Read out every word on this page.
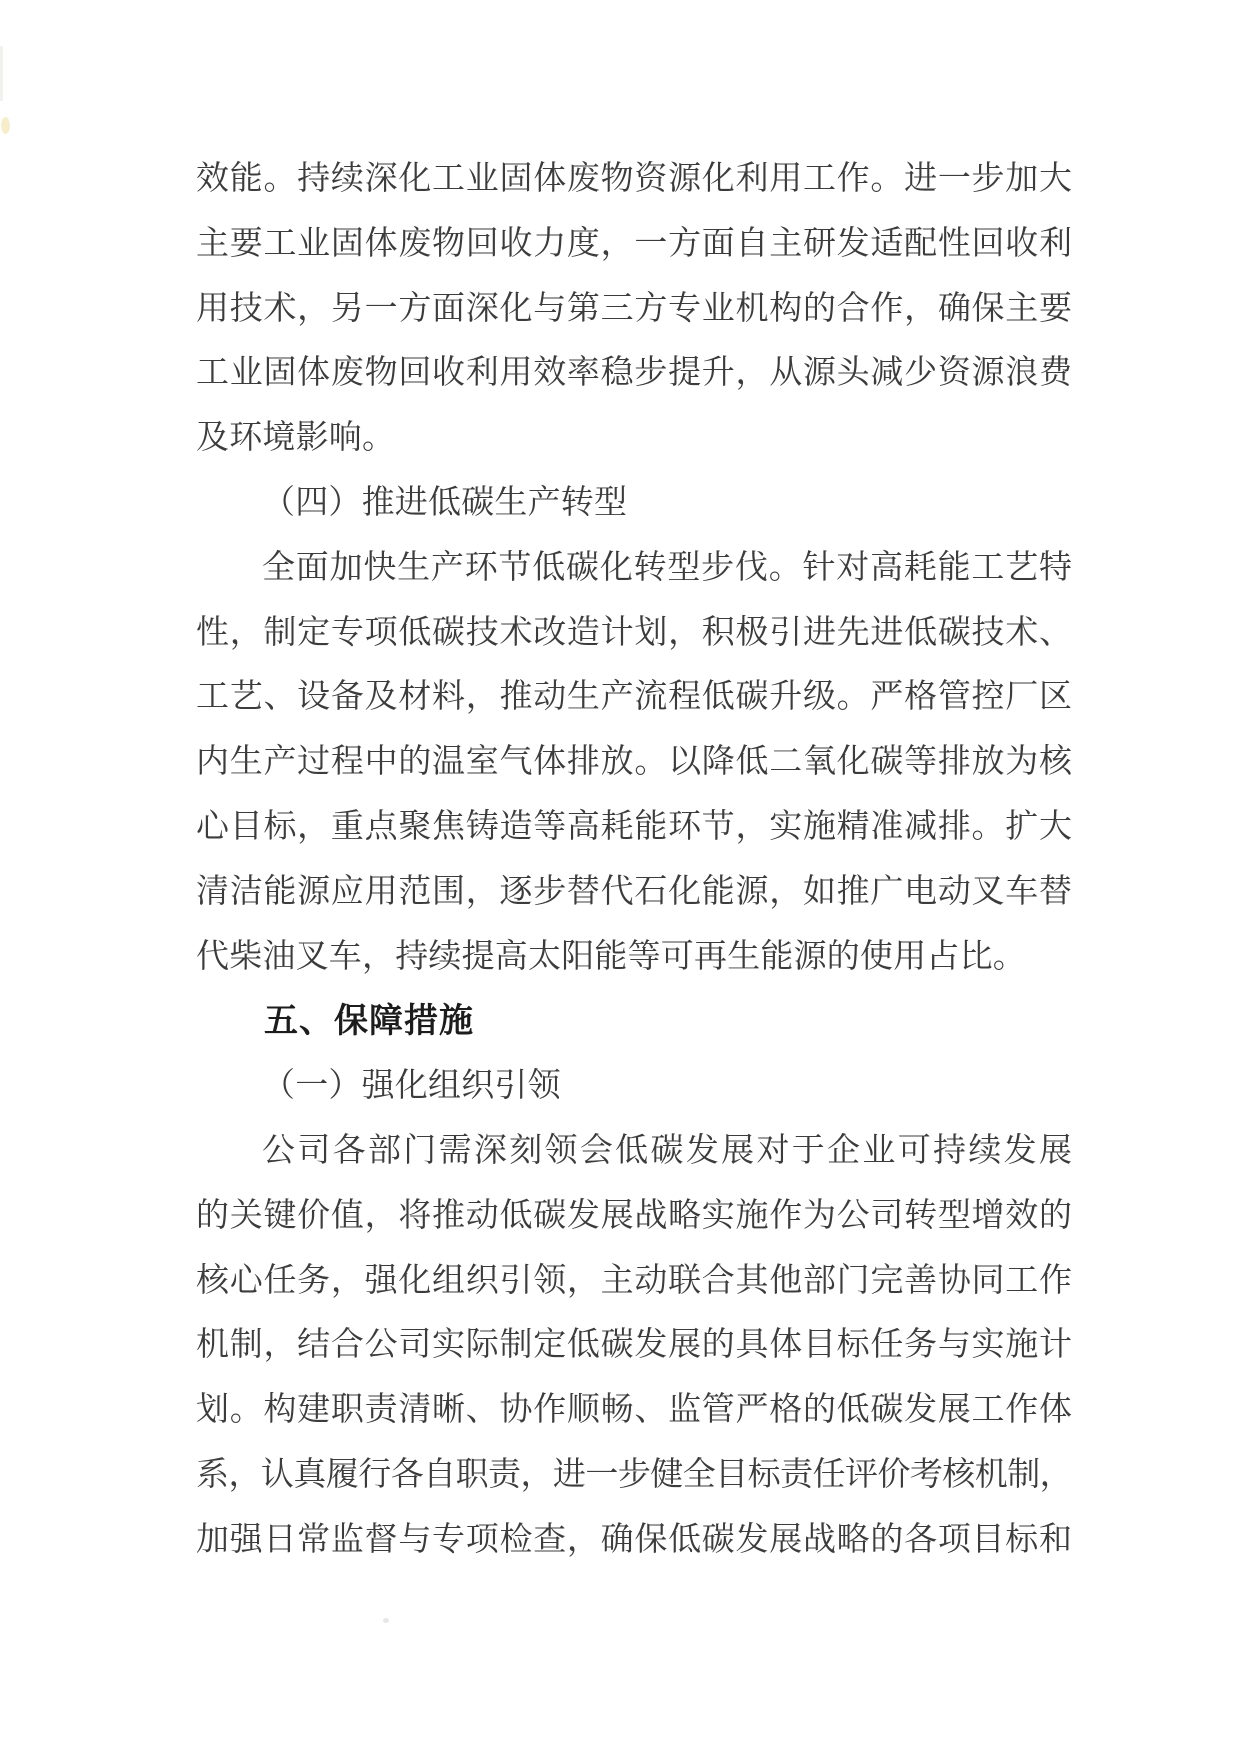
效能。持续深化工业固体废物资源化利用工作。进一步加大
主要工业固体废物回收力度，一方面自主研发适配性回收利
用技术，另一方面深化与第三方专业机构的合作，确保主要
工业固体废物回收利用效率稳步提升，从源头减少资源浪费
及环境影响。
（四）推进低碳生产转型
全面加快生产环节低碳化转型步伐。针对高耗能工艺特
性，制定专项低碳技术改造计划，积极引进先进低碳技术、
工艺、设备及材料，推动生产流程低碳升级。严格管控厂区
内生产过程中的温室气体排放。以降低二氧化碳等排放为核
心目标，重点聚焦铸造等高耗能环节，实施精准减排。扩大
清洁能源应用范围，逐步替代石化能源，如推广电动叉车替
代柴油叉车，持续提高太阳能等可再生能源的使用占比。
五、保障措施
（一）强化组织引领
公司各部门需深刻领会低碳发展对于企业可持续发展
的关键价值，将推动低碳发展战略实施作为公司转型增效的
核心任务，强化组织引领，主动联合其他部门完善协同工作
机制，结合公司实际制定低碳发展的具体目标任务与实施计
划。构建职责清晰、协作顺畅、监管严格的低碳发展工作体
系，认真履行各自职责，进一步健全目标责任评价考核机制，
加强日常监督与专项检查，确保低碳发展战略的各项目标和
